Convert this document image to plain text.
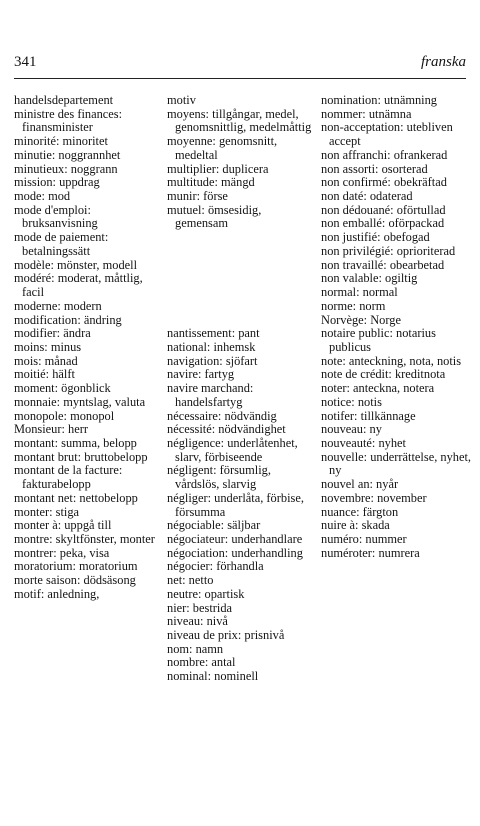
341	franska
handelsdepartement
ministre des finances: finansminister
minorité: minoritet
minutie: noggrannhet
minutieux: noggrann
mission: uppdrag
mode: mod
mode d'emploi: bruksanvisning
mode de paiement: betalningssätt
modèle: mönster, modell
modéré: moderat, måttlig, facil
moderne: modern
modification: ändring
modifier: ändra
moins: minus
mois: månad
moitié: hälft
moment: ögonblick
monnaie: myntslag, valuta
monopole: monopol
Monsieur: herr
montant: summa, belopp
montant brut: bruttobelopp
montant de la facture: fakturabelopp
montant net: nettobelopp
monter: stiga
monter à: uppgå till
montre: skyltfönster, monter
montrer: peka, visa
moratorium: moratorium
morte saison: dödsäsong
motif: anledning,
motiv
moyens: tillgångar, medel, genomsnittlig, medelmåttig
moyenne: genomsnitt, medeltal
multiplier: duplicera
multitude: mängd
munir: förse
mutuel: ömsesidig, gemensam
nantissement: pant
national: inhemsk
navigation: sjöfart
navire: fartyg
navire marchand: handelsfartyg
nécessaire: nödvändig
nécessité: nödvändighet
négligence: underlåtenhet, slarv, förbiseende
négligent: försumlig, vårdslös, slarvig
négliger: underlåta, förbise, försumma
négociable: säljbar
négociateur: underhandlare
négociation: underhandling
négocier: förhandla
net: netto
neutre: opartisk
nier: bestrida
niveau: nivå
niveau de prix: prisnivå
nom: namn
nombre: antal
nominal: nominell
nomination: utnämning
nommer: utnämna
non-acceptation: utebliven accept
non affranchi: ofrankerad
non assorti: osorterad
non confirmé: obekräftad
non daté: odaterad
non dédouané: oförtullad
non emballé: oförpackad
non justifié: obefogad
non privilégié: oprioriterad
non travaillé: obearbetad
non valable: ogiltig
normal: normal
norme: norm
Norvège: Norge
notaire public: notarius publicus
note: anteckning, nota, notis
note de crédit: kreditnota
noter: anteckna, notera
notice: notis
notifer: tillkännage
nouveau: ny
nouveauté: nyhet
nouvelle: underrättelse, nyhet, ny
nouvel an: nyår
novembre: november
nuance: färgton
nuire à: skada
numéro: nummer
numéroter: numrera
